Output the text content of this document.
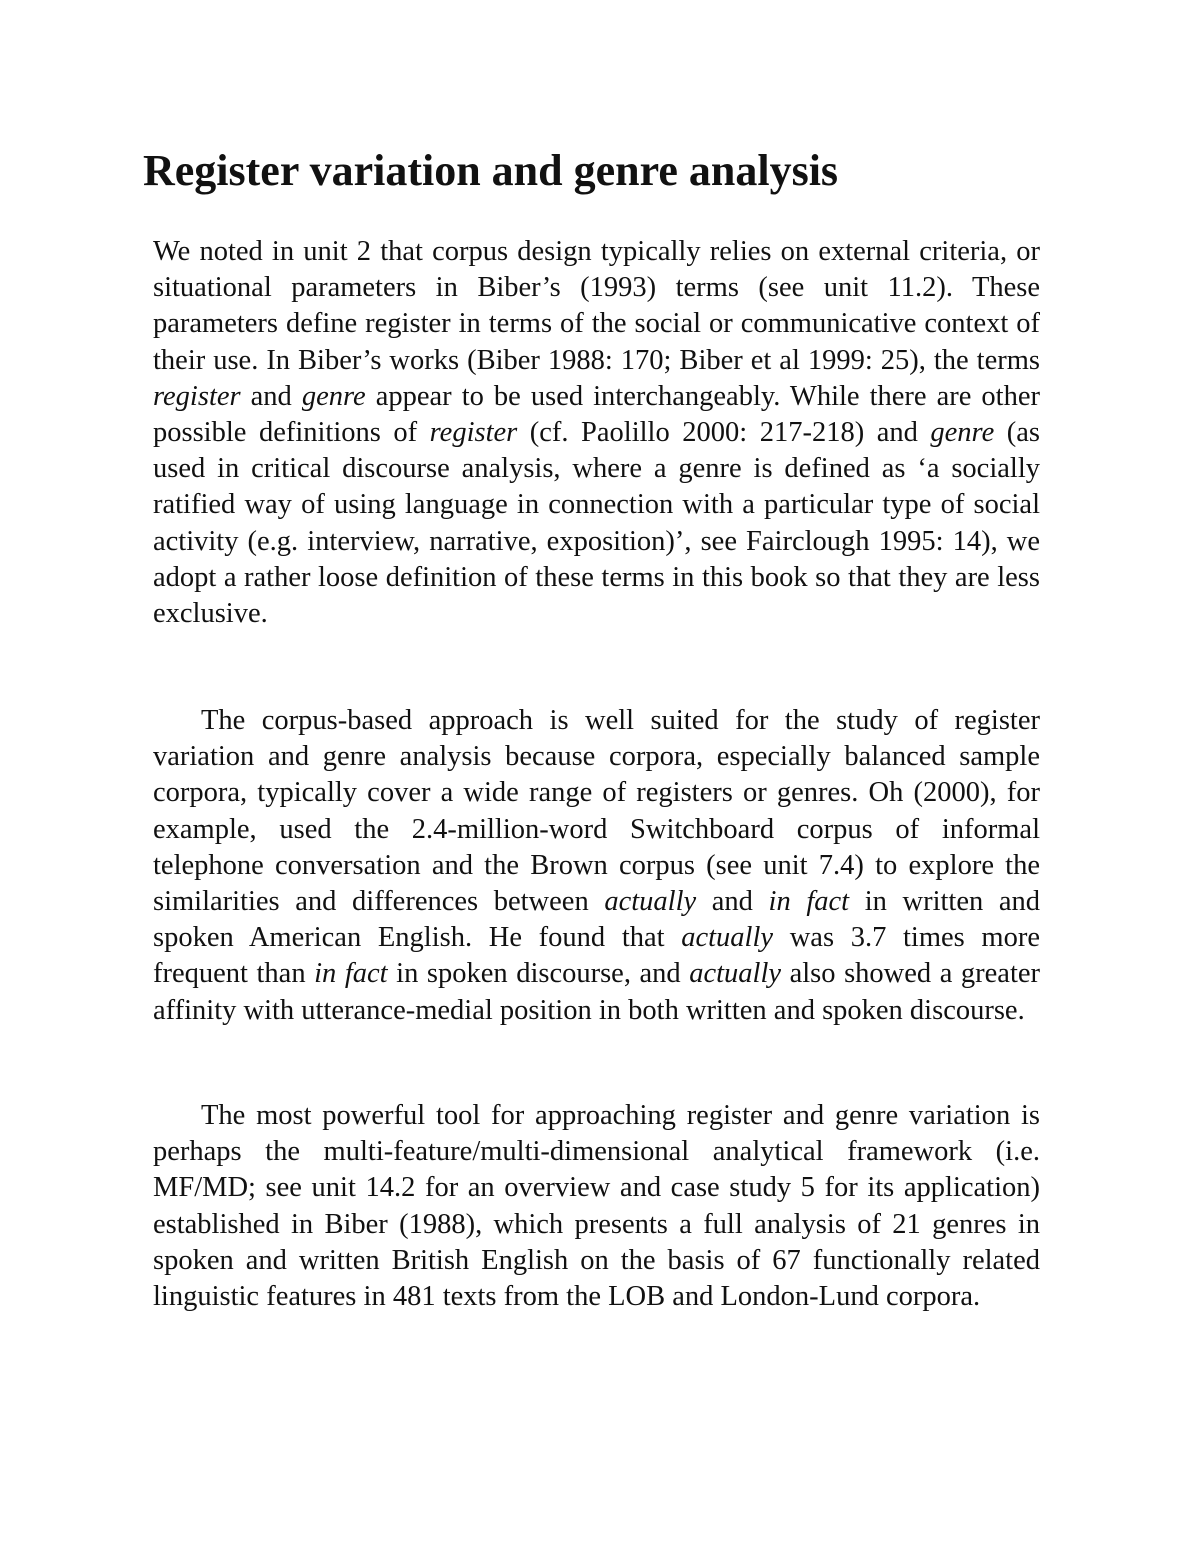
Register variation and genre analysis

We noted in unit 2 that corpus design typically relies on external criteria, or situational parameters in Biber’s (1993) terms (see unit 11.2). These parameters define register in terms of the social or communicative context of their use. In Biber’s works (Biber 1988: 170; Biber et al 1999: 25), the terms register and genre appear to be used interchangeably. While there are other possible definitions of register (cf. Paolillo 2000: 217-218) and genre (as used in critical discourse analysis, where a genre is defined as ‘a socially ratified way of using language in connection with a particular type of social activity (e.g. interview, narrative, exposition)’, see Fairclough 1995: 14), we adopt a rather loose definition of these terms in this book so that they are less exclusive.

The corpus-based approach is well suited for the study of register variation and genre analysis because corpora, especially balanced sample corpora, typically cover a wide range of registers or genres. Oh (2000), for example, used the 2.4-million-word Switchboard corpus of informal telephone conversation and the Brown corpus (see unit 7.4) to explore the similarities and differences between actually and in fact in written and spoken American English. He found that actually was 3.7 times more frequent than in fact in spoken discourse, and actually also showed a greater affinity with utterance-medial position in both written and spoken discourse.

The most powerful tool for approaching register and genre variation is perhaps the multi-feature/multi-dimensional analytical framework (i.e. MF/MD; see unit 14.2 for an overview and case study 5 for its application) established in Biber (1988), which presents a full analysis of 21 genres in spoken and written British English on the basis of 67 functionally related linguistic features in 481 texts from the LOB and London-Lund corpora.
